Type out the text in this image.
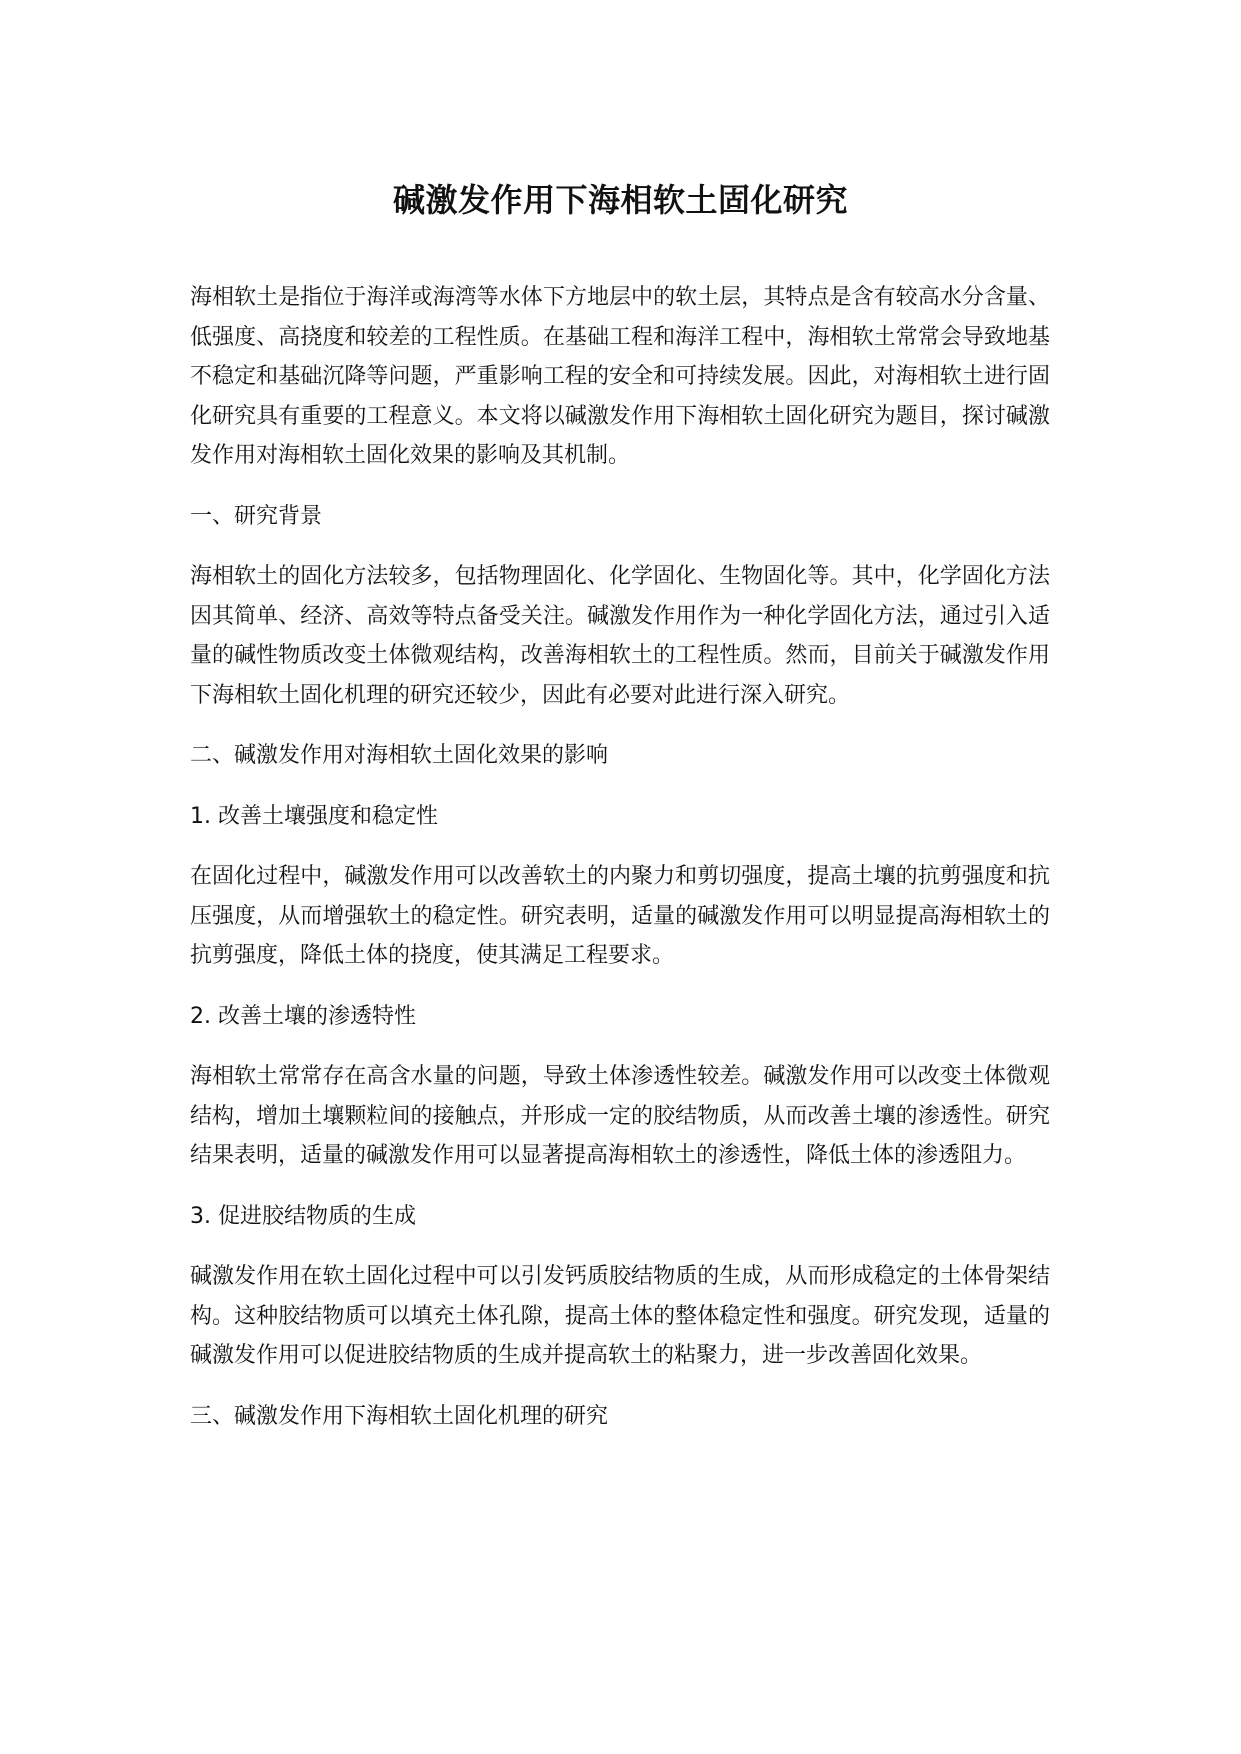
碱激发作用下海相软土固化研究

海相软土是指位于海洋或海湾等水体下方地层中的软土层，其特点是含有较高水分含量、低强度、高挠度和较差的工程性质。在基础工程和海洋工程中，海相软土常常会导致地基不稳定和基础沉降等问题，严重影响工程的安全和可持续发展。因此，对海相软土进行固化研究具有重要的工程意义。本文将以碱激发作用下海相软土固化研究为题目，探讨碱激发作用对海相软土固化效果的影响及其机制。

一、研究背景

海相软土的固化方法较多，包括物理固化、化学固化、生物固化等。其中，化学固化方法因其简单、经济、高效等特点备受关注。碱激发作用作为一种化学固化方法，通过引入适量的碱性物质改变土体微观结构，改善海相软土的工程性质。然而，目前关于碱激发作用下海相软土固化机理的研究还较少，因此有必要对此进行深入研究。

二、碱激发作用对海相软土固化效果的影响

1. 改善土壤强度和稳定性

在固化过程中，碱激发作用可以改善软土的内聚力和剪切强度，提高土壤的抗剪强度和抗压强度，从而增强软土的稳定性。研究表明，适量的碱激发作用可以明显提高海相软土的抗剪强度，降低土体的挠度，使其满足工程要求。

2. 改善土壤的渗透特性

海相软土常常存在高含水量的问题，导致土体渗透性较差。碱激发作用可以改变土体微观结构，增加土壤颗粒间的接触点，并形成一定的胶结物质，从而改善土壤的渗透性。研究结果表明，适量的碱激发作用可以显著提高海相软土的渗透性，降低土体的渗透阻力。

3. 促进胶结物质的生成

碱激发作用在软土固化过程中可以引发钙质胶结物质的生成，从而形成稳定的土体骨架结构。这种胶结物质可以填充土体孔隙，提高土体的整体稳定性和强度。研究发现，适量的碱激发作用可以促进胶结物质的生成并提高软土的粘聚力，进一步改善固化效果。

三、碱激发作用下海相软土固化机理的研究
